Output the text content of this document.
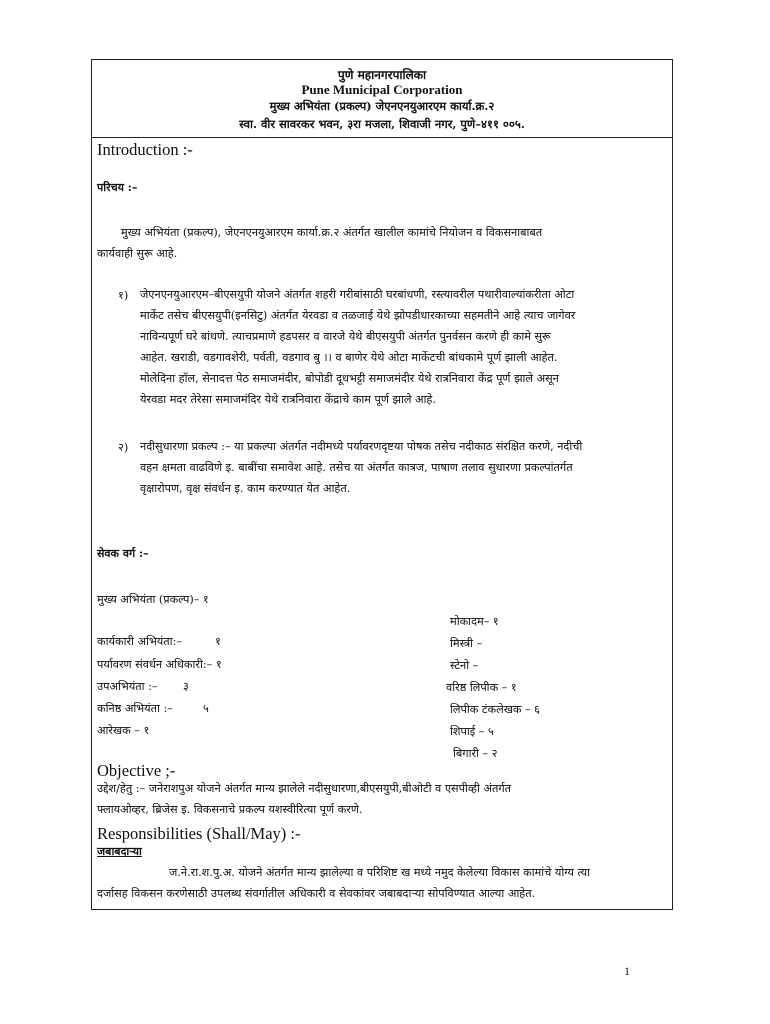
पुणे महानगरपालिका
Pune Municipal Corporation
मुख्य अभियंता (प्रकल्प) जेएनएनयुआरएम कार्या.क्र.२
स्वा. वीर सावरकर भवन, ३रा मजला, शिवाजी नगर, पुणे–४११ ००५.
Introduction :-
परिचय :–
मुख्य अभियंता (प्रकल्प), जेएनएनयुआरएम कार्या.क्र.२ अंतर्गत खालील कामांचे नियोजन व विकसनाबाबत
कार्यवाही सुरू आहे.
१) जेएनएनयुआरएम–बीएसयुपी योजने अंतर्गत शहरी गरीबांसाठी घरबांधणी, रस्त्यावरील पथारीवाल्यांकरीता ओटा
मार्केट तसेच बीएसयुपी(इनसिटु) अंतर्गत येरवडा व तळजाई येथे झोपडीधारकाच्या सहमतीने आहे त्याच जागेवर
नाविन्यपूर्ण घरे बांधणे. त्याचप्रमाणे हडपसर व वारजे येथे बीएसयुपी अंतर्गत पुनर्वसन करणे ही कामे सुरू
आहेत. खराडी, वडगावशेरी, पर्वती, वडगाव बु ।। व बाणेर येथे ओटा मार्केटची बांधकामे पूर्ण झाली आहेत.
मोलेदिना हॉल, सेनादत्त पेठ समाजमंदीर, बोपोडी दूधभट्टी समाजमंदीर येथे रात्रनिवारा केंद्र पूर्ण झाले असून
येरवडा मदर तेरेसा समाजमंदिर येथे रात्रनिवारा केंद्राचे काम पूर्ण झाले आहे.
२) नदीसुधारणा प्रकल्प :– या प्रकल्पा अंतर्गत नदीमध्ये पर्यावरणदृष्टया पोषक तसेच नदीकाठ संरक्षित करणे, नदीची
वहन क्षमता वाढविणे इ. बाबींचा समावेश आहे. तसेच या अंतर्गत कात्रज, पाषाण तलाव सुधारणा प्रकल्पांतर्गत
वृक्षारोपण, वृक्ष संवर्धन इ. काम करण्यात येत आहेत.
सेवक वर्ग :–
मुख्य अभियंता (प्रकल्प)– १
कार्यकारी अभियंता:–	१
पर्यावरण संवर्धन अधिकारी:– १
उपअभियंता :– ३
कनिष्ठ अभियंता :–	५
आरेखक – १
मोकादम– १
मिस्त्री –
स्टेनो –
वरिष्ठ लिपीक – १
लिपीक टंकलेखक – ६
शिपाई – ५
बिगारी – २
Objective ;-
उद्देश/हेतु :– जनेराशपुअ योजने अंतर्गत मान्य झालेले नदीसुधारणा,बीएसयुपी,बीओटी व एसपीव्ही अंतर्गत
फ्लायओव्हर, ब्रिजेस इ. विकसनाचे प्रकल्प यशस्वीरित्या पूर्ण करणे.
Responsibilities (Shall/May) :-
जबाबदाऱ्या
ज.ने.रा.श.पु.अ. योजने अंतर्गत मान्य झालेल्या व परिशिष्ट ख मध्ये नमुद केलेल्या विकास कामांचे योग्य त्या
दर्जासह विकसन करणेसाठी उपलब्ध संवर्गातील अधिकारी व सेवकांवर जबाबदाऱ्या सोपविण्यात आल्या आहेत.
1
